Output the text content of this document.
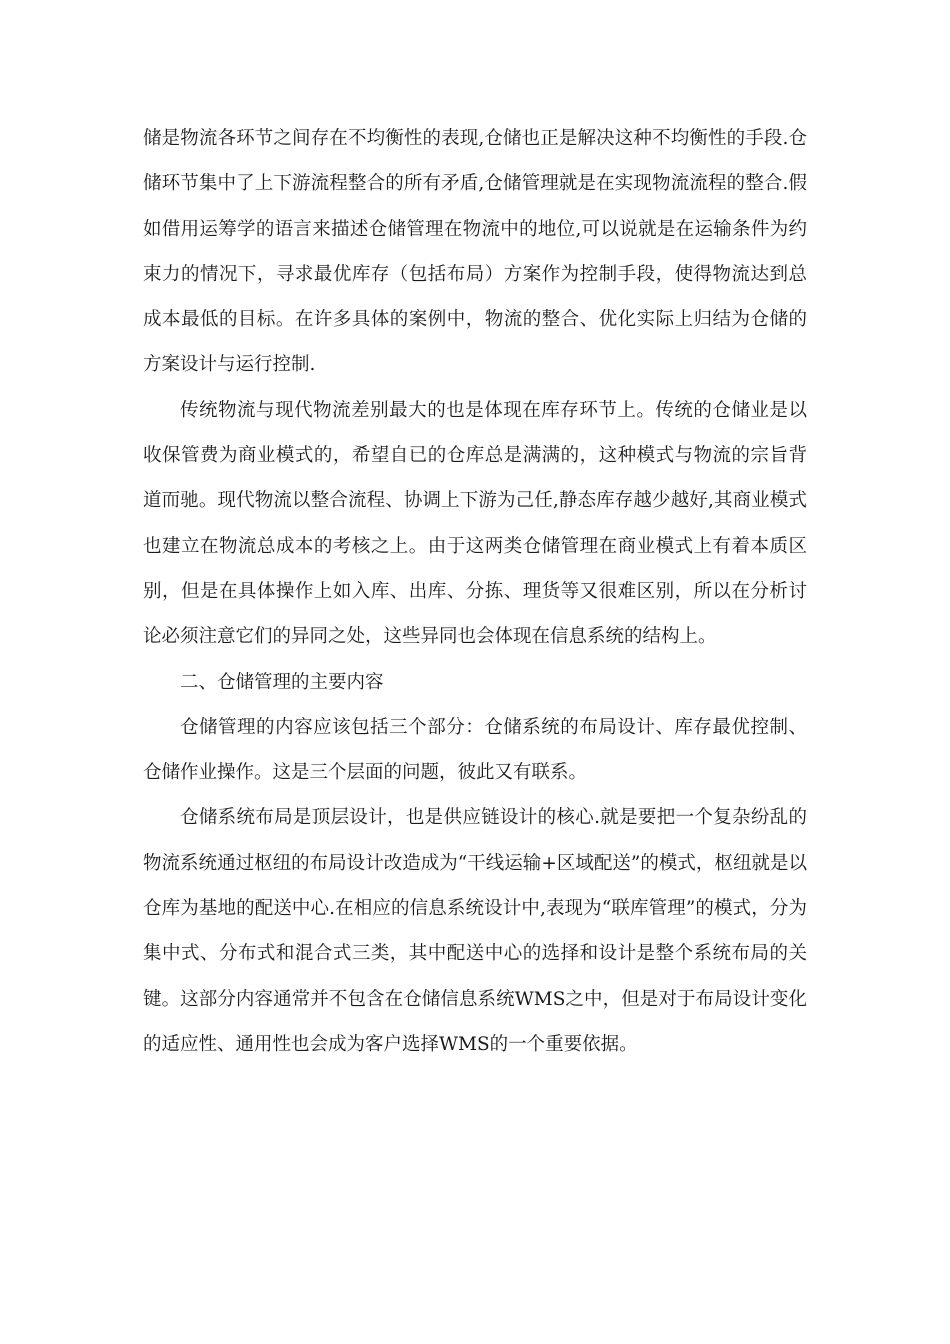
储是物流各环节之间存在不均衡性的表现,仓储也正是解决这种不均衡性的手段.仓储环节集中了上下游流程整合的所有矛盾,仓储管理就是在实现物流流程的整合.假如借用运筹学的语言来描述仓储管理在物流中的地位,可以说就是在运输条件为约束力的情况下，寻求最优库存（包括布局）方案作为控制手段，使得物流达到总成本最低的目标。在许多具体的案例中，物流的整合、优化实际上归结为仓储的方案设计与运行控制.

传统物流与现代物流差别最大的也是体现在库存环节上。传统的仓储业是以收保管费为商业模式的，希望自已的仓库总是满满的，这种模式与物流的宗旨背道而驰。现代物流以整合流程、协调上下游为己任,静态库存越少越好,其商业模式也建立在物流总成本的考核之上。由于这两类仓储管理在商业模式上有着本质区别，但是在具体操作上如入库、出库、分拣、理货等又很难区别，所以在分析讨论必须注意它们的异同之处，这些异同也会体现在信息系统的结构上。

二、仓储管理的主要内容

仓储管理的内容应该包括三个部分：仓储系统的布局设计、库存最优控制、仓储作业操作。这是三个层面的问题，彼此又有联系。

仓储系统布局是顶层设计，也是供应链设计的核心.就是要把一个复杂纷乱的物流系统通过枢纽的布局设计改造成为“干线运输+区域配送”的模式，枢纽就是以仓库为基地的配送中心.在相应的信息系统设计中,表现为“联库管理”的模式，分为集中式、分布式和混合式三类，其中配送中心的选择和设计是整个系统布局的关键。这部分内容通常并不包含在仓储信息系统WMS之中，但是对于布局设计变化的适应性、通用性也会成为客户选择WMS的一个重要依据。
